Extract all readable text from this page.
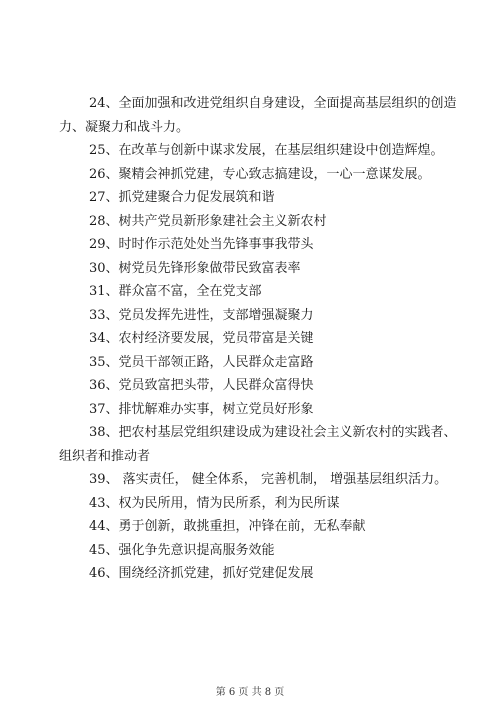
24、全面加强和改进党组织自身建设，全面提高基层组织的创造力、凝聚力和战斗力。

25、在改革与创新中谋求发展，在基层组织建设中创造辉煌。

26、聚精会神抓党建，专心致志搞建设，一心一意谋发展。

27、抓党建聚合力促发展筑和谐

28、树共产党员新形象建社会主义新农村

29、时时作示范处处当先锋事事我带头

30、树党员先锋形象做带民致富表率

31、群众富不富，全在党支部

33、党员发挥先进性，支部增强凝聚力

34、农村经济要发展，党员带富是关键

35、党员干部领正路，人民群众走富路

36、党员致富把头带，人民群众富得快

37、排忧解难办实事，树立党员好形象

38、把农村基层党组织建设成为建设社会主义新农村的实践者、组织者和推动者

39、 落实责任， 健全体系， 完善机制， 增强基层组织活力。

43、权为民所用，情为民所系，利为民所谋

44、勇于创新，敢挑重担，冲锋在前，无私奉献

45、强化争先意识提高服务效能

46、围绕经济抓党建，抓好党建促发展

第 6 页 共 8 页
